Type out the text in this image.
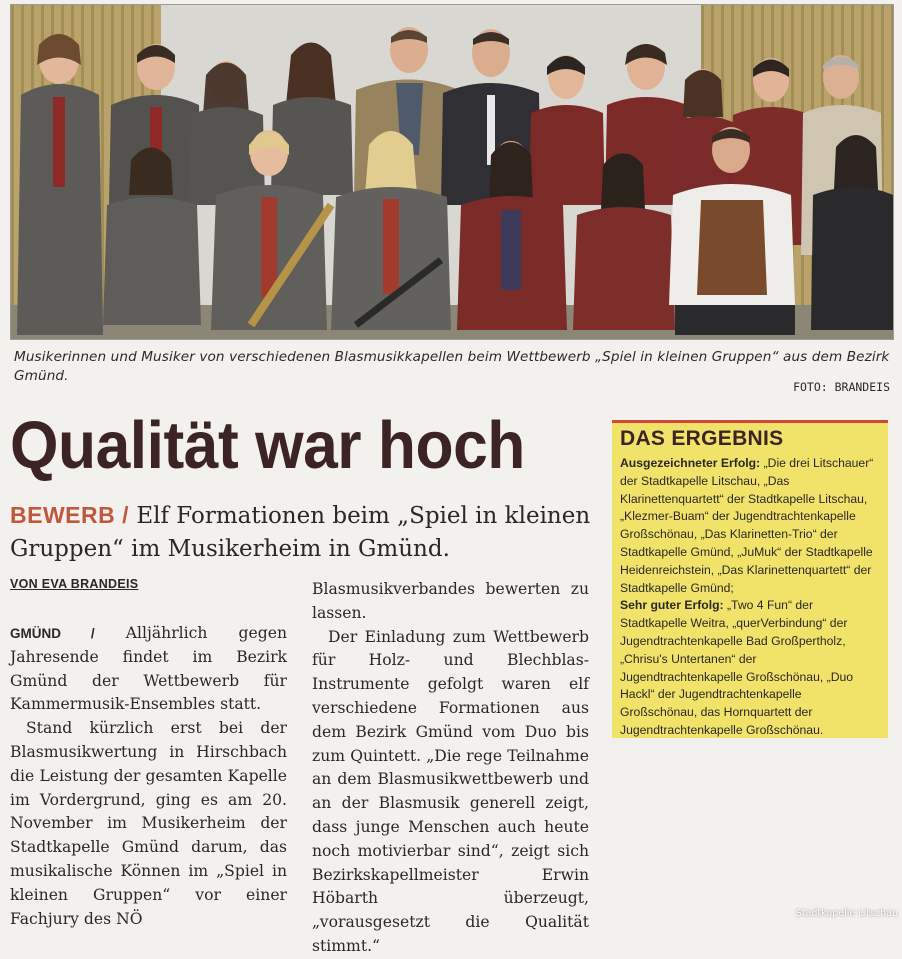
Musikerinnen und Musiker von verschiedenen Blasmusikkapellen beim Wettbewerb „Spiel in kleinen Gruppen“ aus dem Bezirk Gmünd.
FOTO: BRANDEIS
Qualität war hoch
BEWERB / Elf Formationen beim „Spiel in kleinen Gruppen“ im Musikerheim in Gmünd.
VON EVA BRANDEIS

GMÜND / Alljährlich gegen Jahresende findet im Bezirk Gmünd der Wettbewerb für Kammermusik-Ensembles statt.

Stand kürzlich erst bei der Blasmusikwertung in Hirschbach die Leistung der gesamten Kapelle im Vordergrund, ging es am 20. November im Musikerheim der Stadtkapelle Gmünd darum, das musikalische Können im „Spiel in kleinen Gruppen“ vor einer Fachjury des NÖ

Blasmusikverbandes bewerten zu lassen.

Der Einladung zum Wettbewerb für Holz- und Blechblas-Instrumente gefolgt waren elf verschiedene Formationen aus dem Bezirk Gmünd vom Duo bis zum Quintett. „Die rege Teilnahme an dem Blasmusikwettbewerb und an der Blasmusik generell zeigt, dass junge Menschen auch heute noch motivierbar sind“, zeigt sich Bezirkskapellmeister Erwin Höbarth überzeugt, „vorausgesetzt die Qualität stimmt.“

DAS ERGEBNIS
Ausgezeichneter Erfolg: „Die drei Litschauer“ der Stadtkapelle Litschau, „Das Klarinettenquartett“ der Stadtkapelle Litschau, „Klezmer-Buam“ der Jugendtrachtenkapelle Großschönau, „Das Klarinetten-Trio“ der Stadtkapelle Gmünd, „JuMuk“ der Stadtkapelle Heidenreichstein, „Das Klarinettenquartett“ der Stadtkapelle Gmünd;
Sehr guter Erfolg: „Two 4 Fun“ der Stadtkapelle Weitra, „querVerbindung“ der Jugendtrachtenkapelle Bad Großpertholz, „Chrisu's Untertanen“ der Jugendtrachtenkapelle Großschönau, „Duo Hackl“ der Jugendtrachtenkapelle Großschönau, das Hornquartett der Jugendtrachtenkapelle Großschönau.
Stadtkapelle Litschau
